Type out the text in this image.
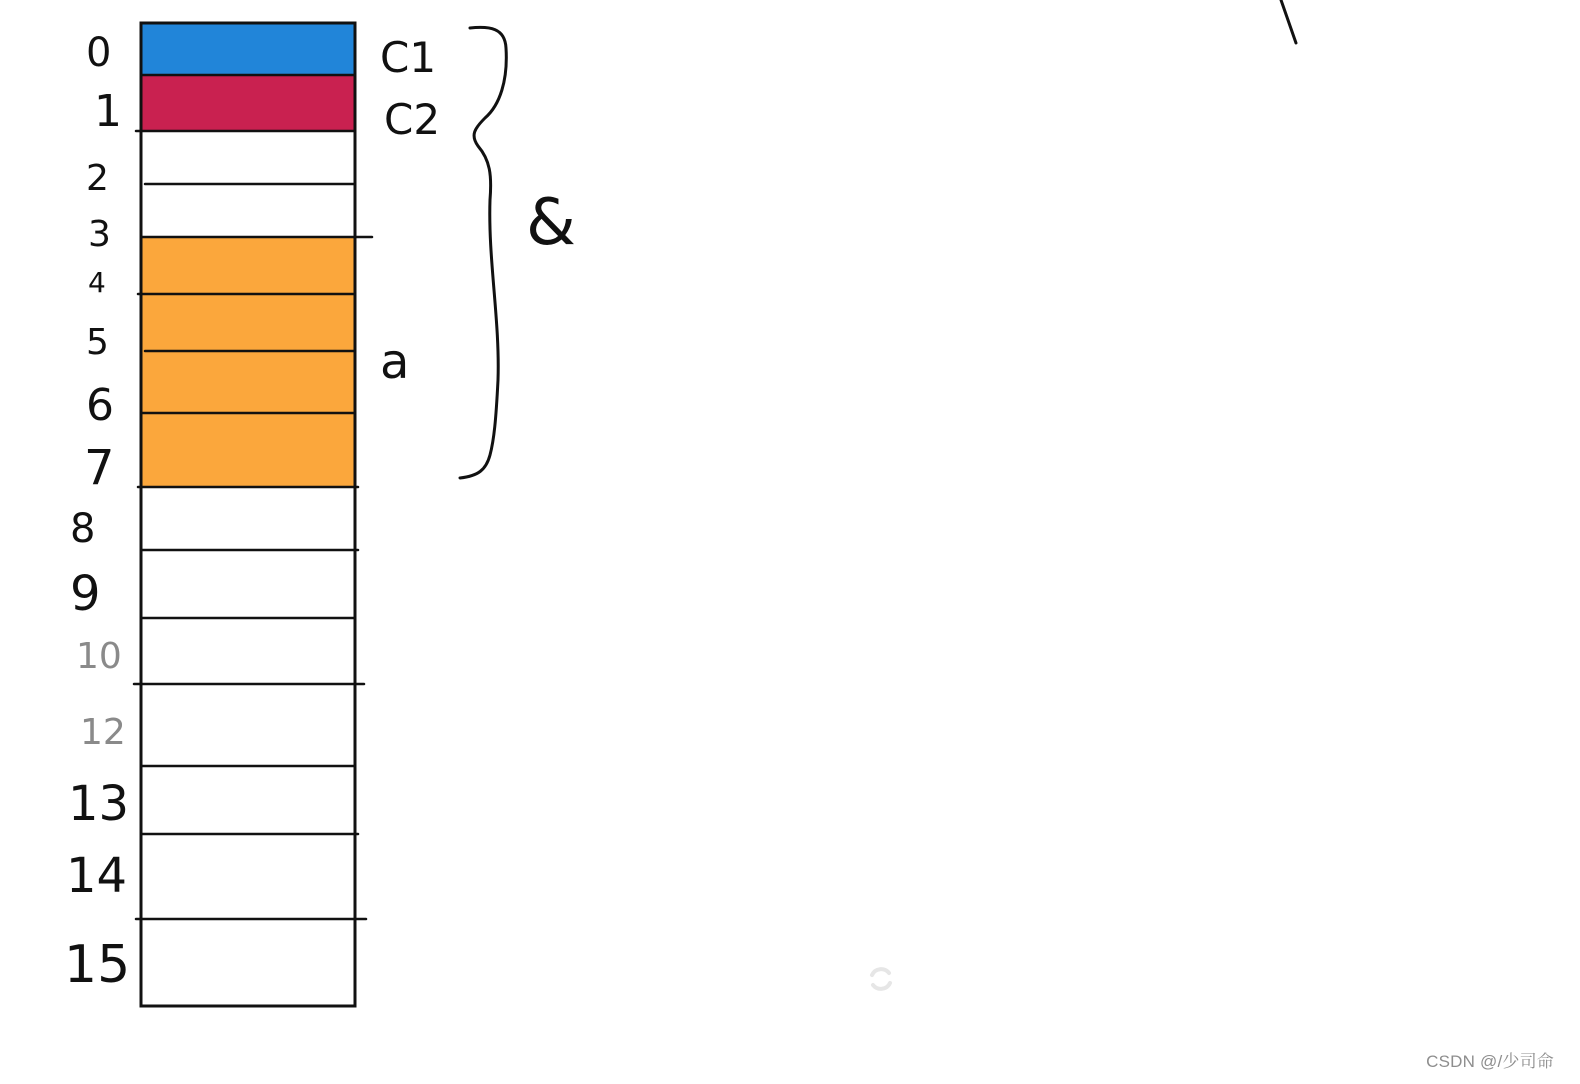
0
1
2
3
4
5
6
7
8
9
10
12
13
14
15
C1
C2
a
&
CSDN @/少司命
